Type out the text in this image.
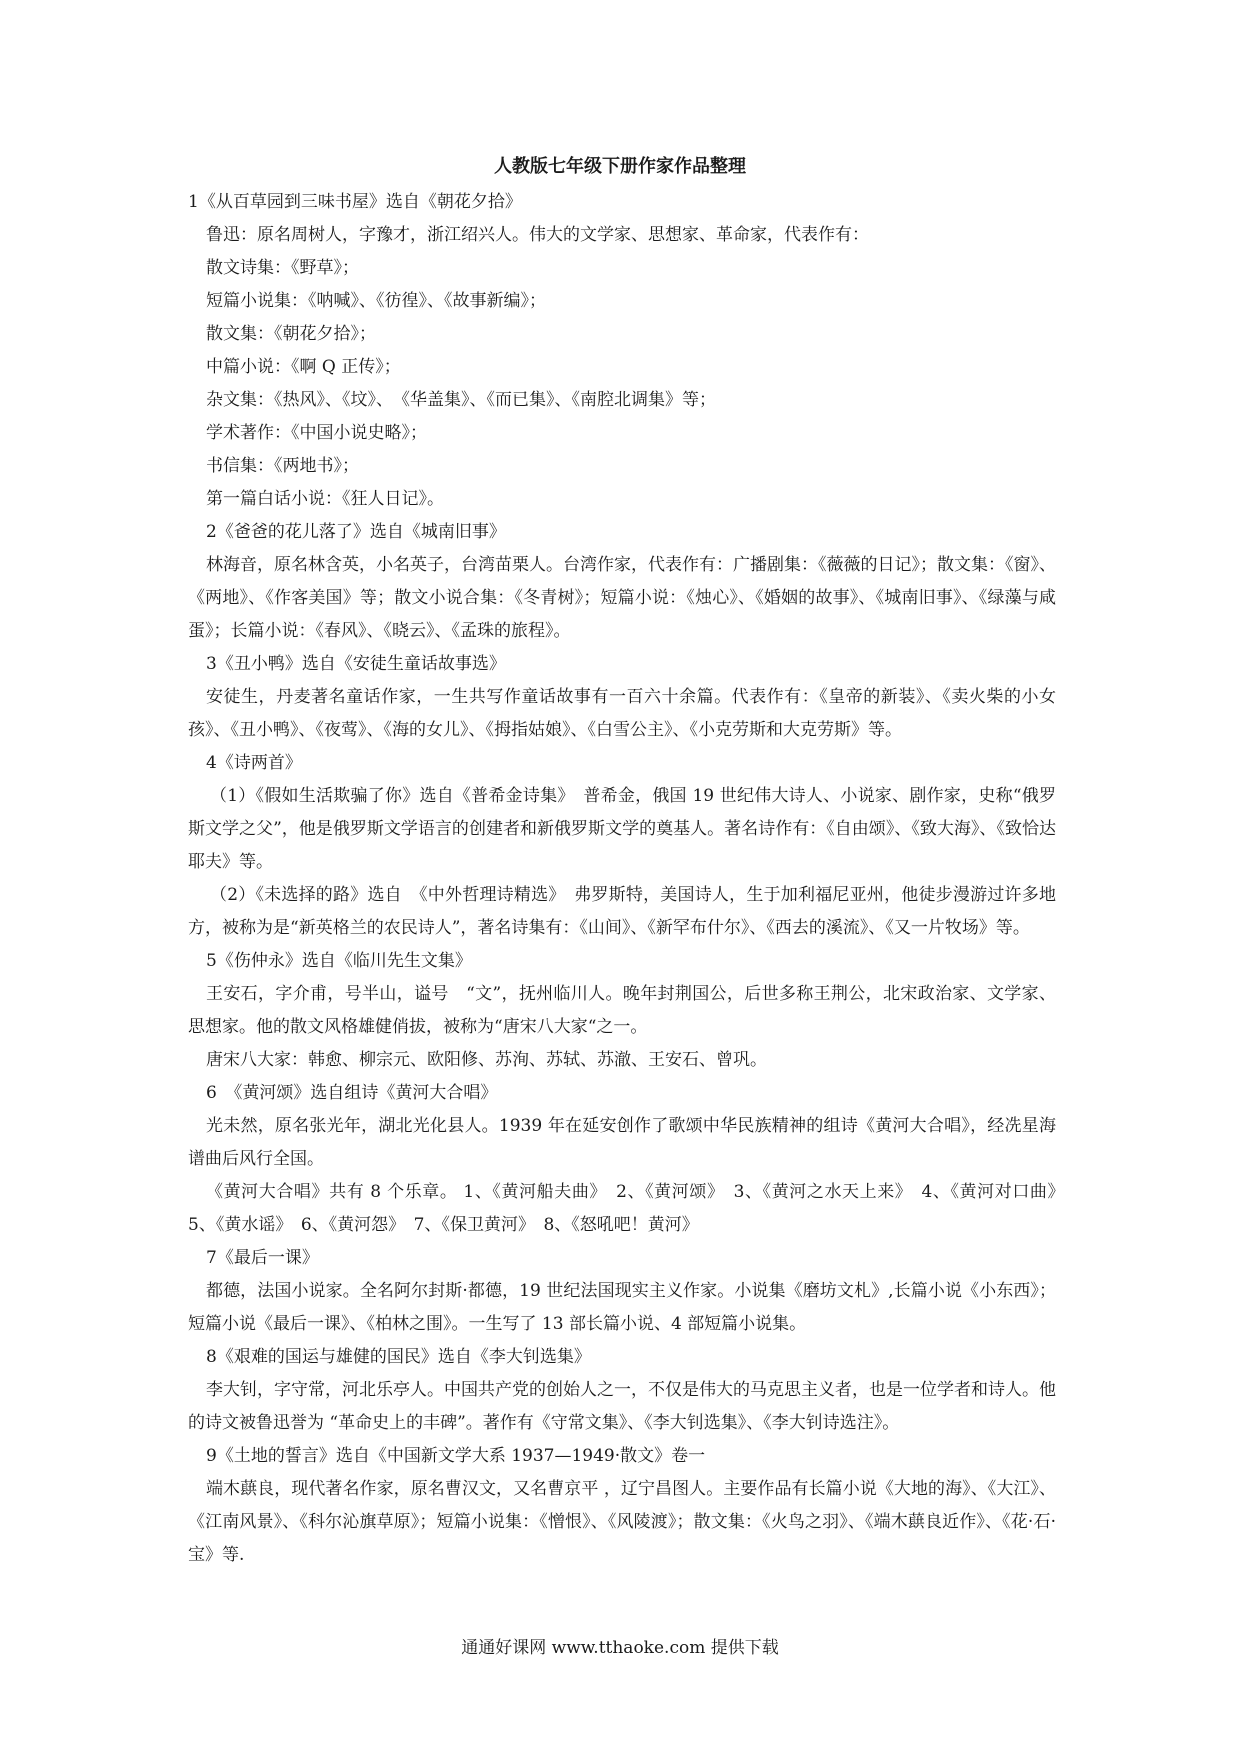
人教版七年级下册作家作品整理
1《从百草园到三味书屋》选自《朝花夕拾》
鲁迅：原名周树人，字豫才，浙江绍兴人。伟大的文学家、思想家、革命家，代表作有：
散文诗集：《野草》；
短篇小说集：《呐喊》、《彷徨》、《故事新编》；
散文集：《朝花夕拾》；
中篇小说：《啊 Q 正传》；
杂文集：《热风》、《坟》、　《华盖集》、《而已集》、《南腔北调集》等；
学术著作：《中国小说史略》；
书信集：《两地书》；
第一篇白话小说：《狂人日记》。
2《爸爸的花儿落了》选自《城南旧事》
林海音，原名林含英，小名英子，台湾苗栗人。台湾作家，代表作有：广播剧集：《薇薇的日记》；散文集：《窗》、《两地》、《作客美国》等；散文小说合集：《冬青树》；短篇小说：《烛心》、《婚姻的故事》、《城南旧事》、《绿藻与咸蛋》；长篇小说：《春风》、《晓云》、《孟珠的旅程》。
3《丑小鸭》选自《安徒生童话故事选》
安徒生，丹麦著名童话作家，一生共写作童话故事有一百六十余篇。代表作有：《皇帝的新装》、《卖火柴的小女孩》、《丑小鸭》、《夜莺》、《海的女儿》、《拇指姑娘》、《白雪公主》、《小克劳斯和大克劳斯》等。
4《诗两首》
（1）《假如生活欺骗了你》选自《普希金诗集》　普希金，俄国 19 世纪伟大诗人、小说家、剧作家，史称“俄罗斯文学之父”，他是俄罗斯文学语言的创建者和新俄罗斯文学的奠基人。著名诗作有：《自由颂》、《致大海》、《致恰达耶夫》等。
（2）《未选择的路》选自　《中外哲理诗精选》　弗罗斯特，美国诗人，生于加利福尼亚州，他徒步漫游过许多地方，被称为是“新英格兰的农民诗人”，著名诗集有：《山间》、《新罕布什尔》、《西去的溪流》、《又一片牧场》等。
5《伤仲永》选自《临川先生文集》
王安石，字介甫，号半山，谥号　“文”，抚州临川人。晚年封荆国公，后世多称王荆公，北宋政治家、文学家、思想家。他的散文风格雄健俏拔，被称为“唐宋八大家“之一。
唐宋八大家：韩愈、柳宗元、欧阳修、苏洵、苏轼、苏澈、王安石、曾巩。
6　《黄河颂》选自组诗《黄河大合唱》
光未然，原名张光年，湖北光化县人。1939 年在延安创作了歌颂中华民族精神的组诗《黄河大合唱》，经冼星海谱曲后风行全国。
《黄河大合唱》共有 8 个乐章。 1、《黄河船夫曲》　2、《黄河颂》　3、《黄河之水天上来》　4、《黄河对口曲》　5、《黄水谣》　6、《黄河怨》　7、《保卫黄河》　8、《怒吼吧！黄河》
7《最后一课》
都德，法国小说家。全名阿尔封斯·都德，19 世纪法国现实主义作家。小说集《磨坊文札》,长篇小说《小东西》；短篇小说《最后一课》、《柏林之围》。一生写了 13 部长篇小说、4 部短篇小说集。
8《艰难的国运与雄健的国民》选自《李大钊选集》
李大钊，字守常，河北乐亭人。中国共产党的创始人之一，不仅是伟大的马克思主义者，也是一位学者和诗人。他的诗文被鲁迅誉为 “革命史上的丰碑”。著作有《守常文集》、《李大钊选集》、《李大钊诗选注》。
9《土地的誓言》选自《中国新文学大系 1937—1949·散文》卷一
端木蕻良，现代著名作家，原名曹汉文，又名曹京平 ，辽宁昌图人。主要作品有长篇小说《大地的海》、《大江》、《江南风景》、《科尔沁旗草原》；短篇小说集：《憎恨》、《风陵渡》；散文集：《火鸟之羽》、《端木蕻良近作》、《花·石·宝》等.
通通好课网 www.tthaoke.com 提供下载
